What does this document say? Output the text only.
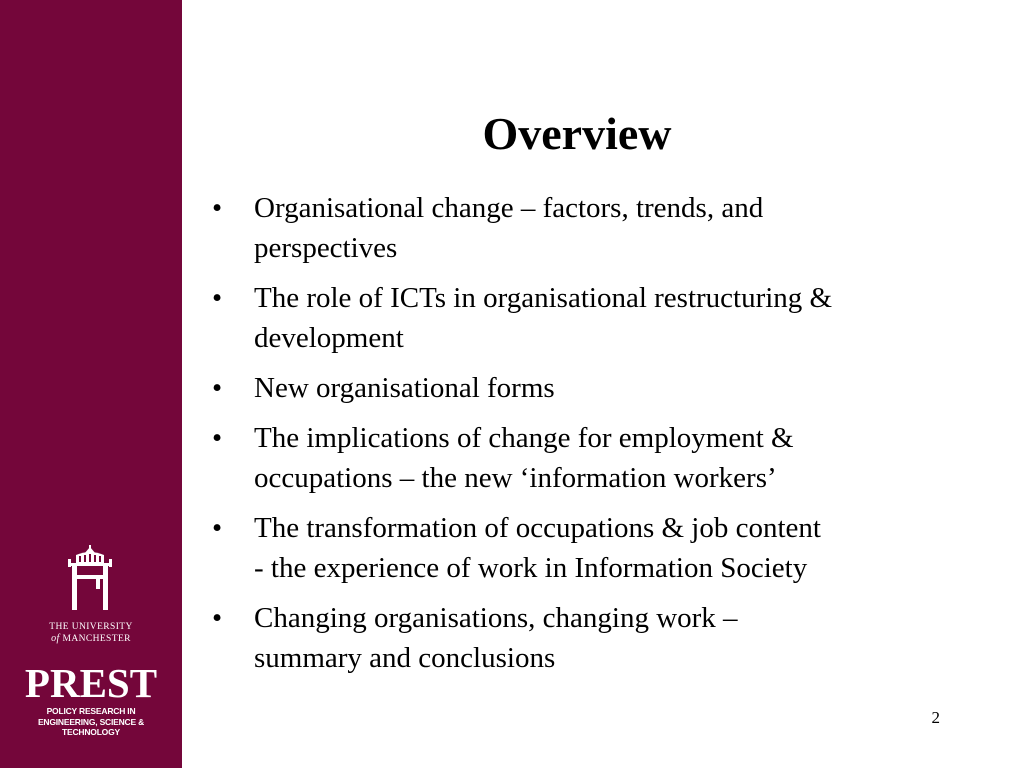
THE UNIVERSITY
of MANCHESTER
PREST
POLICY RESEARCH IN
ENGINEERING, SCIENCE & TECHNOLOGY
Overview
• Organisational change – factors, trends, and
perspectives
• The role of ICTs in organisational restructuring &
development
• New organisational forms
• The implications of change for employment &
occupations – the new ‘information workers’
• The transformation of occupations & job content
- the experience of work in Information Society
• Changing organisations, changing work –
summary and conclusions
2
